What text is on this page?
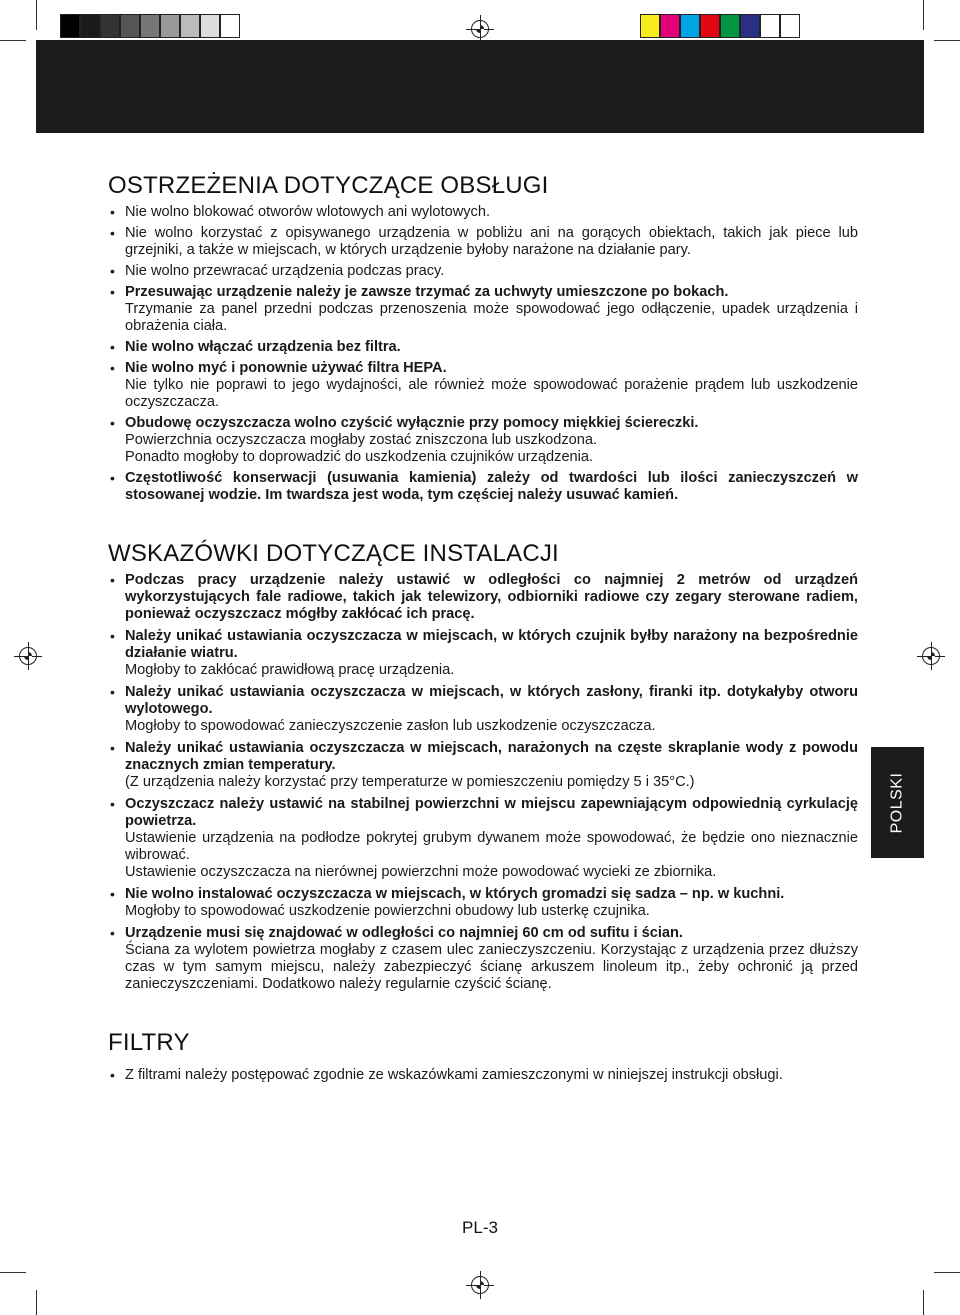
OSTRZEŻENIA DOTYCZĄCE OBSŁUGI
• Nie wolno blokować otworów wlotowych ani wylotowych.
• Nie wolno korzystać z opisywanego urządzenia w pobliżu ani na gorących obiektach, takich jak piece lub grzejniki, a także w miejscach, w których urządzenie byłoby narażone na działanie pary.
• Nie wolno przewracać urządzenia podczas pracy.
• Przesuwając urządzenie należy je zawsze trzymać za uchwyty umieszczone po bokach.
Trzymanie za panel przedni podczas przenoszenia może spowodować jego odłączenie, upadek urządzenia i obrażenia ciała.
• Nie wolno włączać urządzenia bez filtra.
• Nie wolno myć i ponownie używać filtra HEPA.
Nie tylko nie poprawi to jego wydajności, ale również może spowodować porażenie prądem lub uszkodzenie oczyszczacza.
• Obudowę oczyszczacza wolno czyścić wyłącznie przy pomocy miękkiej ściereczki.
Powierzchnia oczyszczacza mogłaby zostać zniszczona lub uszkodzona.
Ponadto mogłoby to doprowadzić do uszkodzenia czujników urządzenia.
• Częstotliwość konserwacji (usuwania kamienia) zależy od twardości lub ilości zanieczyszczeń w stosowanej wodzie. Im twardsza jest woda, tym częściej należy usuwać kamień.
WSKAZÓWKI DOTYCZĄCE INSTALACJI
• Podczas pracy urządzenie należy ustawić w odległości co najmniej 2 metrów od urządzeń wykorzystujących fale radiowe, takich jak telewizory, odbiorniki radiowe czy zegary sterowane radiem, ponieważ oczyszczacz mógłby zakłócać ich pracę.
• Należy unikać ustawiania oczyszczacza w miejscach, w których czujnik byłby narażony na bezpośrednie działanie wiatru.
Mogłoby to zakłócać prawidłową pracę urządzenia.
• Należy unikać ustawiania oczyszczacza w miejscach, w których zasłony, firanki itp. dotykałyby otworu wylotowego.
Mogłoby to spowodować zanieczyszczenie zasłon lub uszkodzenie oczyszczacza.
• Należy unikać ustawiania oczyszczacza w miejscach, narażonych na częste skraplanie wody z powodu znacznych zmian temperatury.
(Z urządzenia należy korzystać przy temperaturze w pomieszczeniu pomiędzy 5 i 35°C.)
• Oczyszczacz należy ustawić na stabilnej powierzchni w miejscu zapewniającym odpowiednią cyrkulację powietrza.
Ustawienie urządzenia na podłodze pokrytej grubym dywanem może spowodować, że będzie ono nieznacznie wibrować.
Ustawienie oczyszczacza na nierównej powierzchni może powodować wycieki ze zbiornika.
• Nie wolno instalować oczyszczacza w miejscach, w których gromadzi się sadza – np. w kuchni.
Mogłoby to spowodować uszkodzenie powierzchni obudowy lub usterkę czujnika.
• Urządzenie musi się znajdować w odległości co najmniej 60 cm od sufitu i ścian.
Ściana za wylotem powietrza mogłaby z czasem ulec zanieczyszczeniu. Korzystając z urządzenia przez dłuższy czas w tym samym miejscu, należy zabezpieczyć ścianę arkuszem linoleum itp., żeby ochronić ją przed zanieczyszczeniami. Dodatkowo należy regularnie czyścić ścianę.
FILTRY
• Z filtrami należy postępować zgodnie ze wskazówkami zamieszczonymi w niniejszej instrukcji obsługi.
POLSKI
PL-3
